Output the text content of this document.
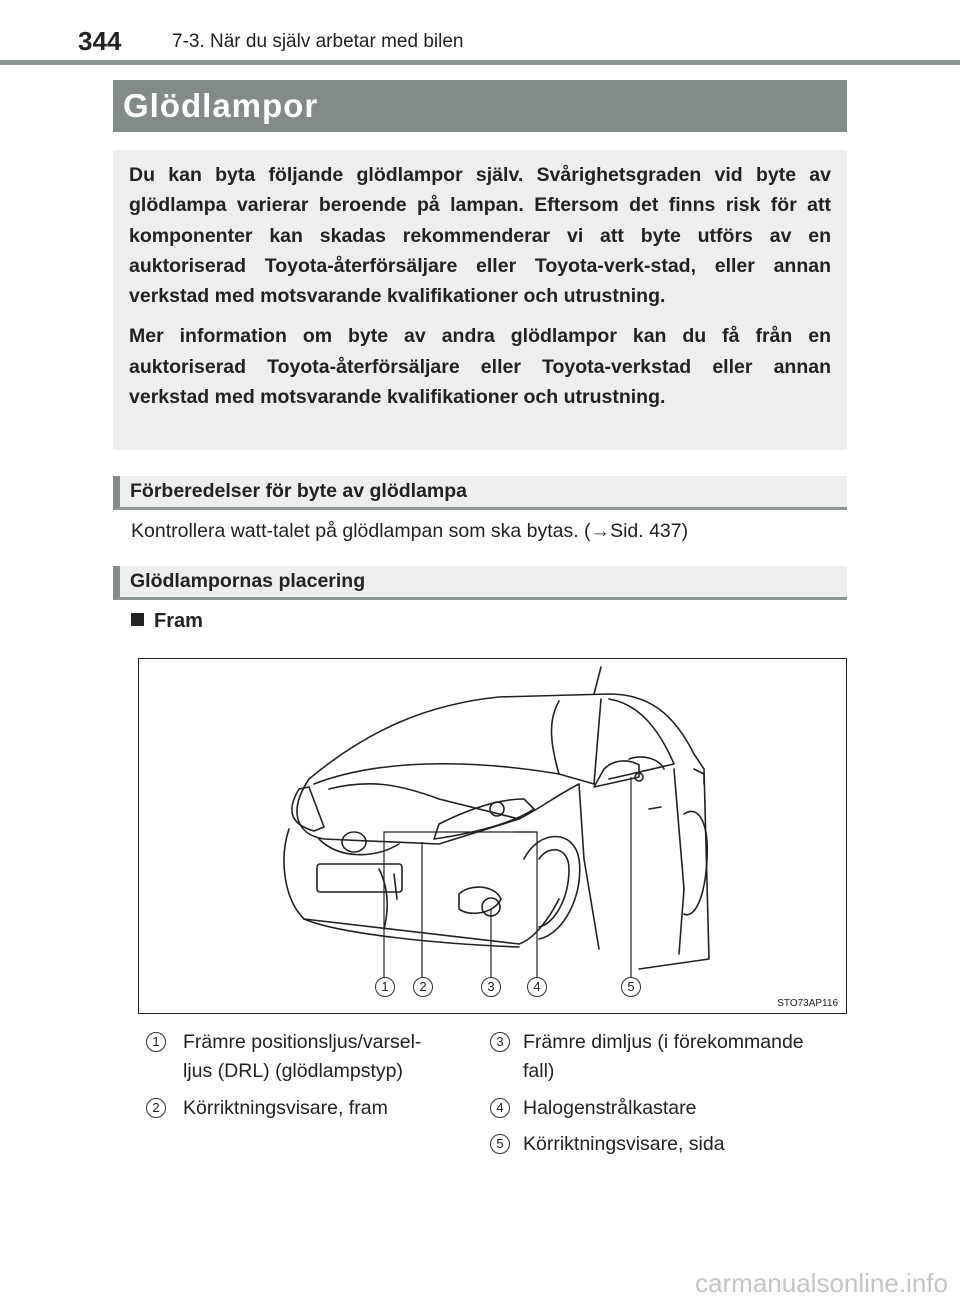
344	7-3. När du själv arbetar med bilen
Glödlampor

Du kan byta följande glödlampor själv. Svårighetsgraden vid byte av glödlampa varierar beroende på lampan. Eftersom det finns risk för att komponenter kan skadas rekommenderar vi att byte utförs av en auktoriserad Toyota-återförsäljare eller Toyota-verk-stad, eller annan verkstad med motsvarande kvalifikationer och utrustning.

Mer information om byte av andra glödlampor kan du få från en auktoriserad Toyota-återförsäljare eller Toyota-verkstad eller annan verkstad med motsvarande kvalifikationer och utrustning.

Förberedelser för byte av glödlampa
Kontrollera watt-talet på glödlampan som ska bytas. (→Sid. 437)
Glödlampornas placering
Fram
1	2	3	4	5
STO73AP116
1	Främre positionsljus/varsel-
ljus (DRL) (glödlampstyp)
2	Körriktningsvisare, fram
3 Främre dimljus (i förekommande
fall)
4 Halogenstrålkastare
5 Körriktningsvisare, sida
carmanualsonline.info
